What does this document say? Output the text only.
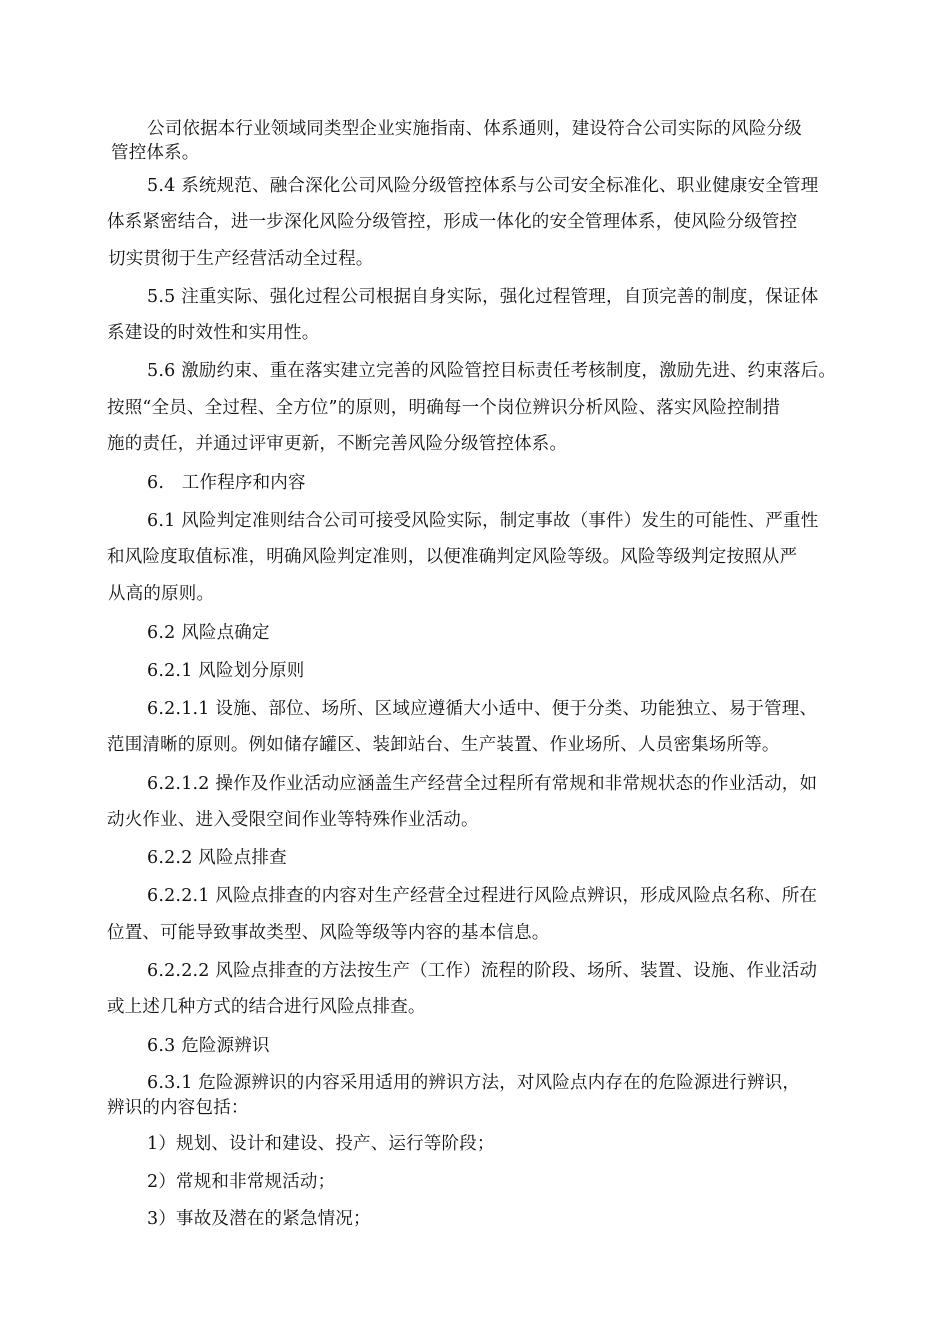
公司依据本行业领域同类型企业实施指南、体系通则，建设符合公司实际的风险分级
管控体系。
5.4 系统规范、融合深化公司风险分级管控体系与公司安全标准化、职业健康安全管理
体系紧密结合，进一步深化风险分级管控，形成一体化的安全管理体系，使风险分级管控
切实贯彻于生产经营活动全过程。
5.5 注重实际、强化过程公司根据自身实际，强化过程管理，自顶完善的制度，保证体
系建设的时效性和实用性。
5.6 激励约束、重在落实建立完善的风险管控目标责任考核制度，激励先进、约束落后。
按照“全员、全过程、全方位”的原则，明确每一个岗位辨识分析风险、落实风险控制措
施的责任，并通过评审更新，不断完善风险分级管控体系。
6.　工作程序和内容
6.1 风险判定准则结合公司可接受风险实际，制定事故（事件）发生的可能性、严重性
和风险度取值标准，明确风险判定准则，以便准确判定风险等级。风险等级判定按照从严
从高的原则。
6.2 风险点确定
6.2.1 风险划分原则
6.2.1.1 设施、部位、场所、区域应遵循大小适中、便于分类、功能独立、易于管理、
范围清晰的原则。例如储存罐区、装卸站台、生产装置、作业场所、人员密集场所等。
6.2.1.2 操作及作业活动应涵盖生产经营全过程所有常规和非常规状态的作业活动，如
动火作业、进入受限空间作业等特殊作业活动。
6.2.2 风险点排查
6.2.2.1 风险点排查的内容对生产经营全过程进行风险点辨识，形成风险点名称、所在
位置、可能导致事故类型、风险等级等内容的基本信息。
6.2.2.2 风险点排查的方法按生产（工作）流程的阶段、场所、装置、设施、作业活动
或上述几种方式的结合进行风险点排查。
6.3 危险源辨识
6.3.1 危险源辨识的内容采用适用的辨识方法，对风险点内存在的危险源进行辨识，
辨识的内容包括：
1）规划、设计和建设、投产、运行等阶段；
2）常规和非常规活动；
3）事故及潜在的紧急情况；
